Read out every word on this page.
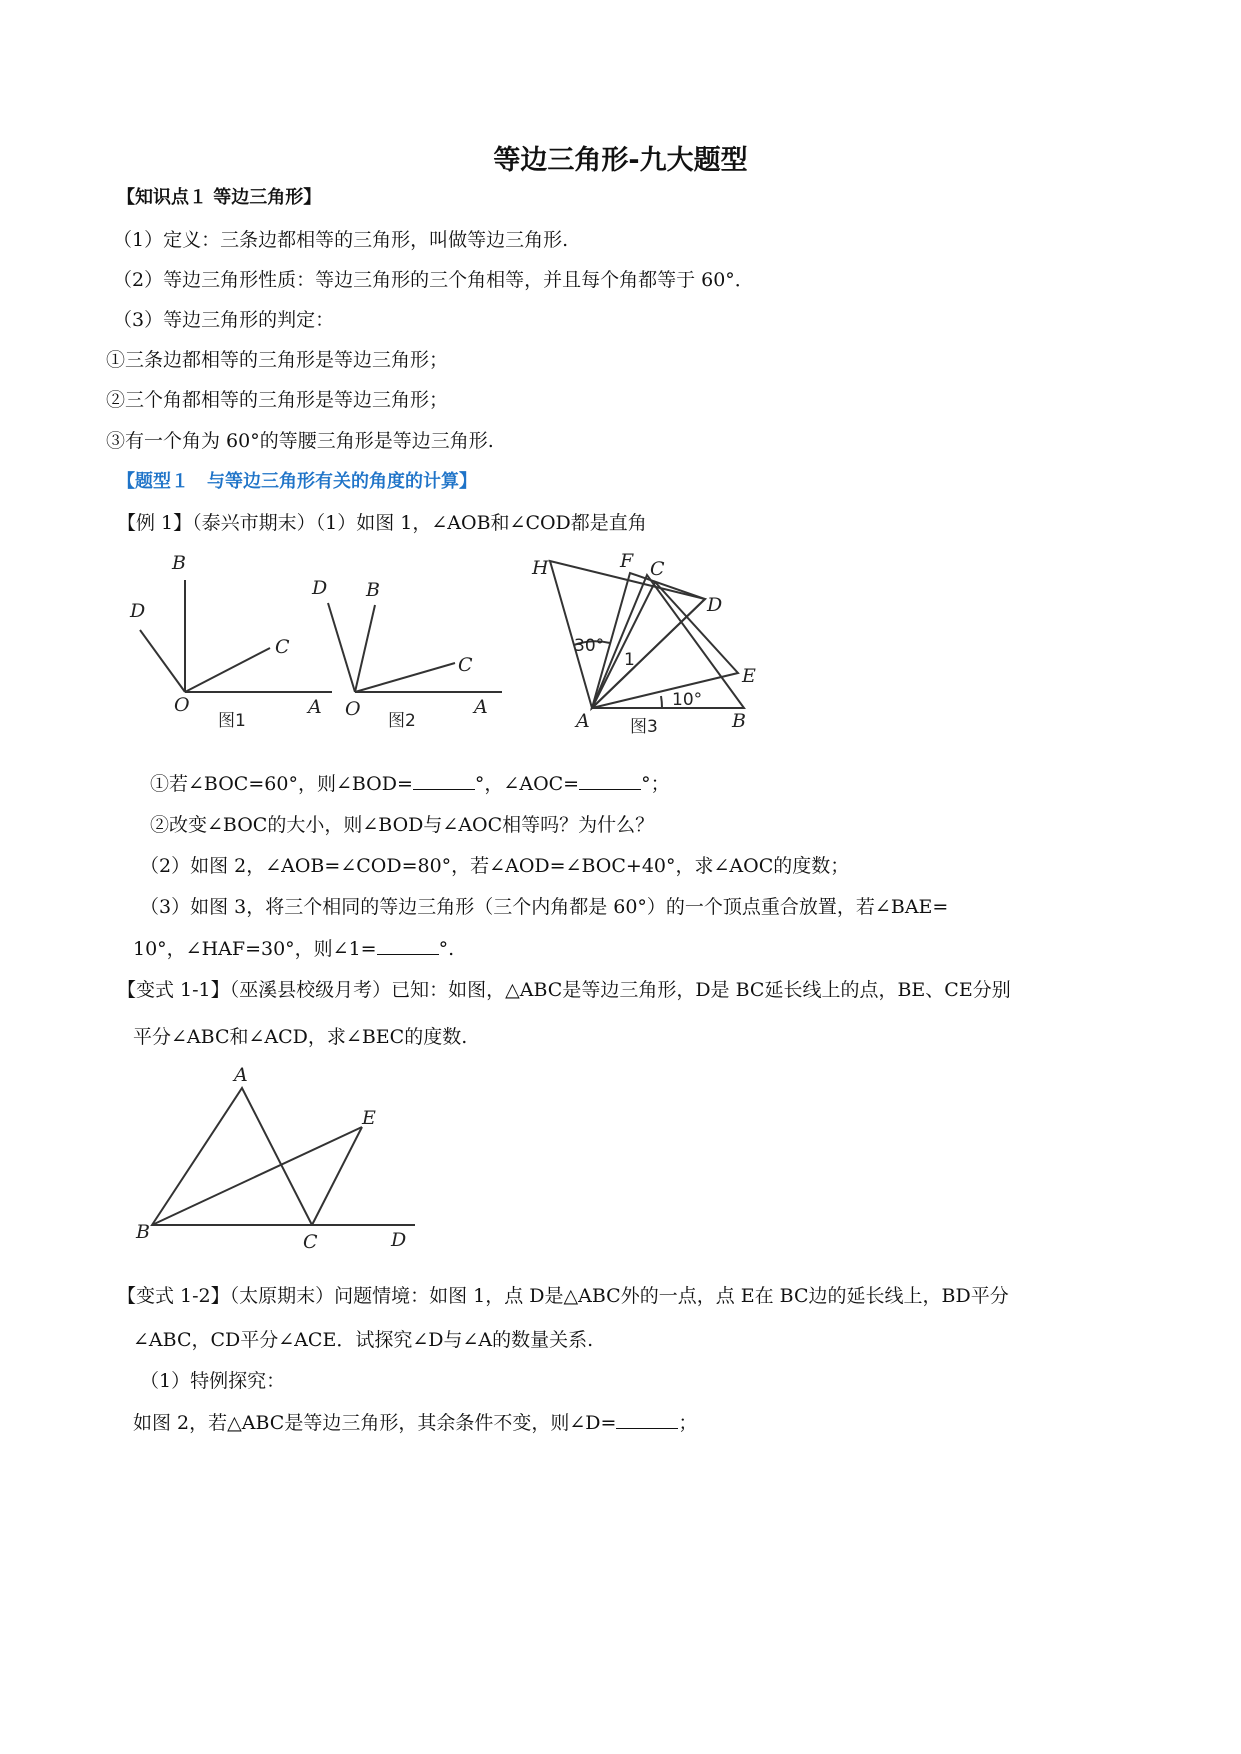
等边三角形-九大题型
【知识点１ 等边三角形】
（1）定义：三条边都相等的三角形，叫做等边三角形.
（2）等边三角形性质：等边三角形的三个角相等，并且每个角都等于 60°．
（3）等边三角形的判定：
①三条边都相等的三角形是等边三角形；
②三个角都相等的三角形是等边三角形；
③有一个角为 60°的等腰三角形是等边三角形.
【题型１　与等边三角形有关的角度的计算】
【例 1】（泰兴市期末）（1）如图 1，∠AOB和∠COD都是直角
B
D
C
O	A
图1
D B
C
O	A
图2
H	F C
D
E
A	B
30°
1
10°
图3
①若∠BOC=60°，则∠BOD=	°，∠AOC=	°；
②改变∠BOC的大小，则∠BOD与∠AOC相等吗？为什么？
（2）如图 2，∠AOB=∠COD=80°，若∠AOD=∠BOC+40°，求∠AOC的度数；
（3）如图 3，将三个相同的等边三角形（三个内角都是 60°）的一个顶点重合放置，若∠BAE=
10°，∠HAF=30°，则∠1=	°.
【变式 1-1】（巫溪县校级月考）已知：如图，△ABC是等边三角形，D是 BC延长线上的点，BE、CE分别
平分∠ABC和∠ACD，求∠BEC的度数.
A
B	C	D
E
【变式 1-2】（太原期末）问题情境：如图 1，点 D是△ABC外的一点，点 E在 BC边的延长线上，BD平分
∠ABC，CD平分∠ACE．试探究∠D与∠A的数量关系.
（1）特例探究：
如图 2，若△ABC是等边三角形，其余条件不变，则∠D=	；
